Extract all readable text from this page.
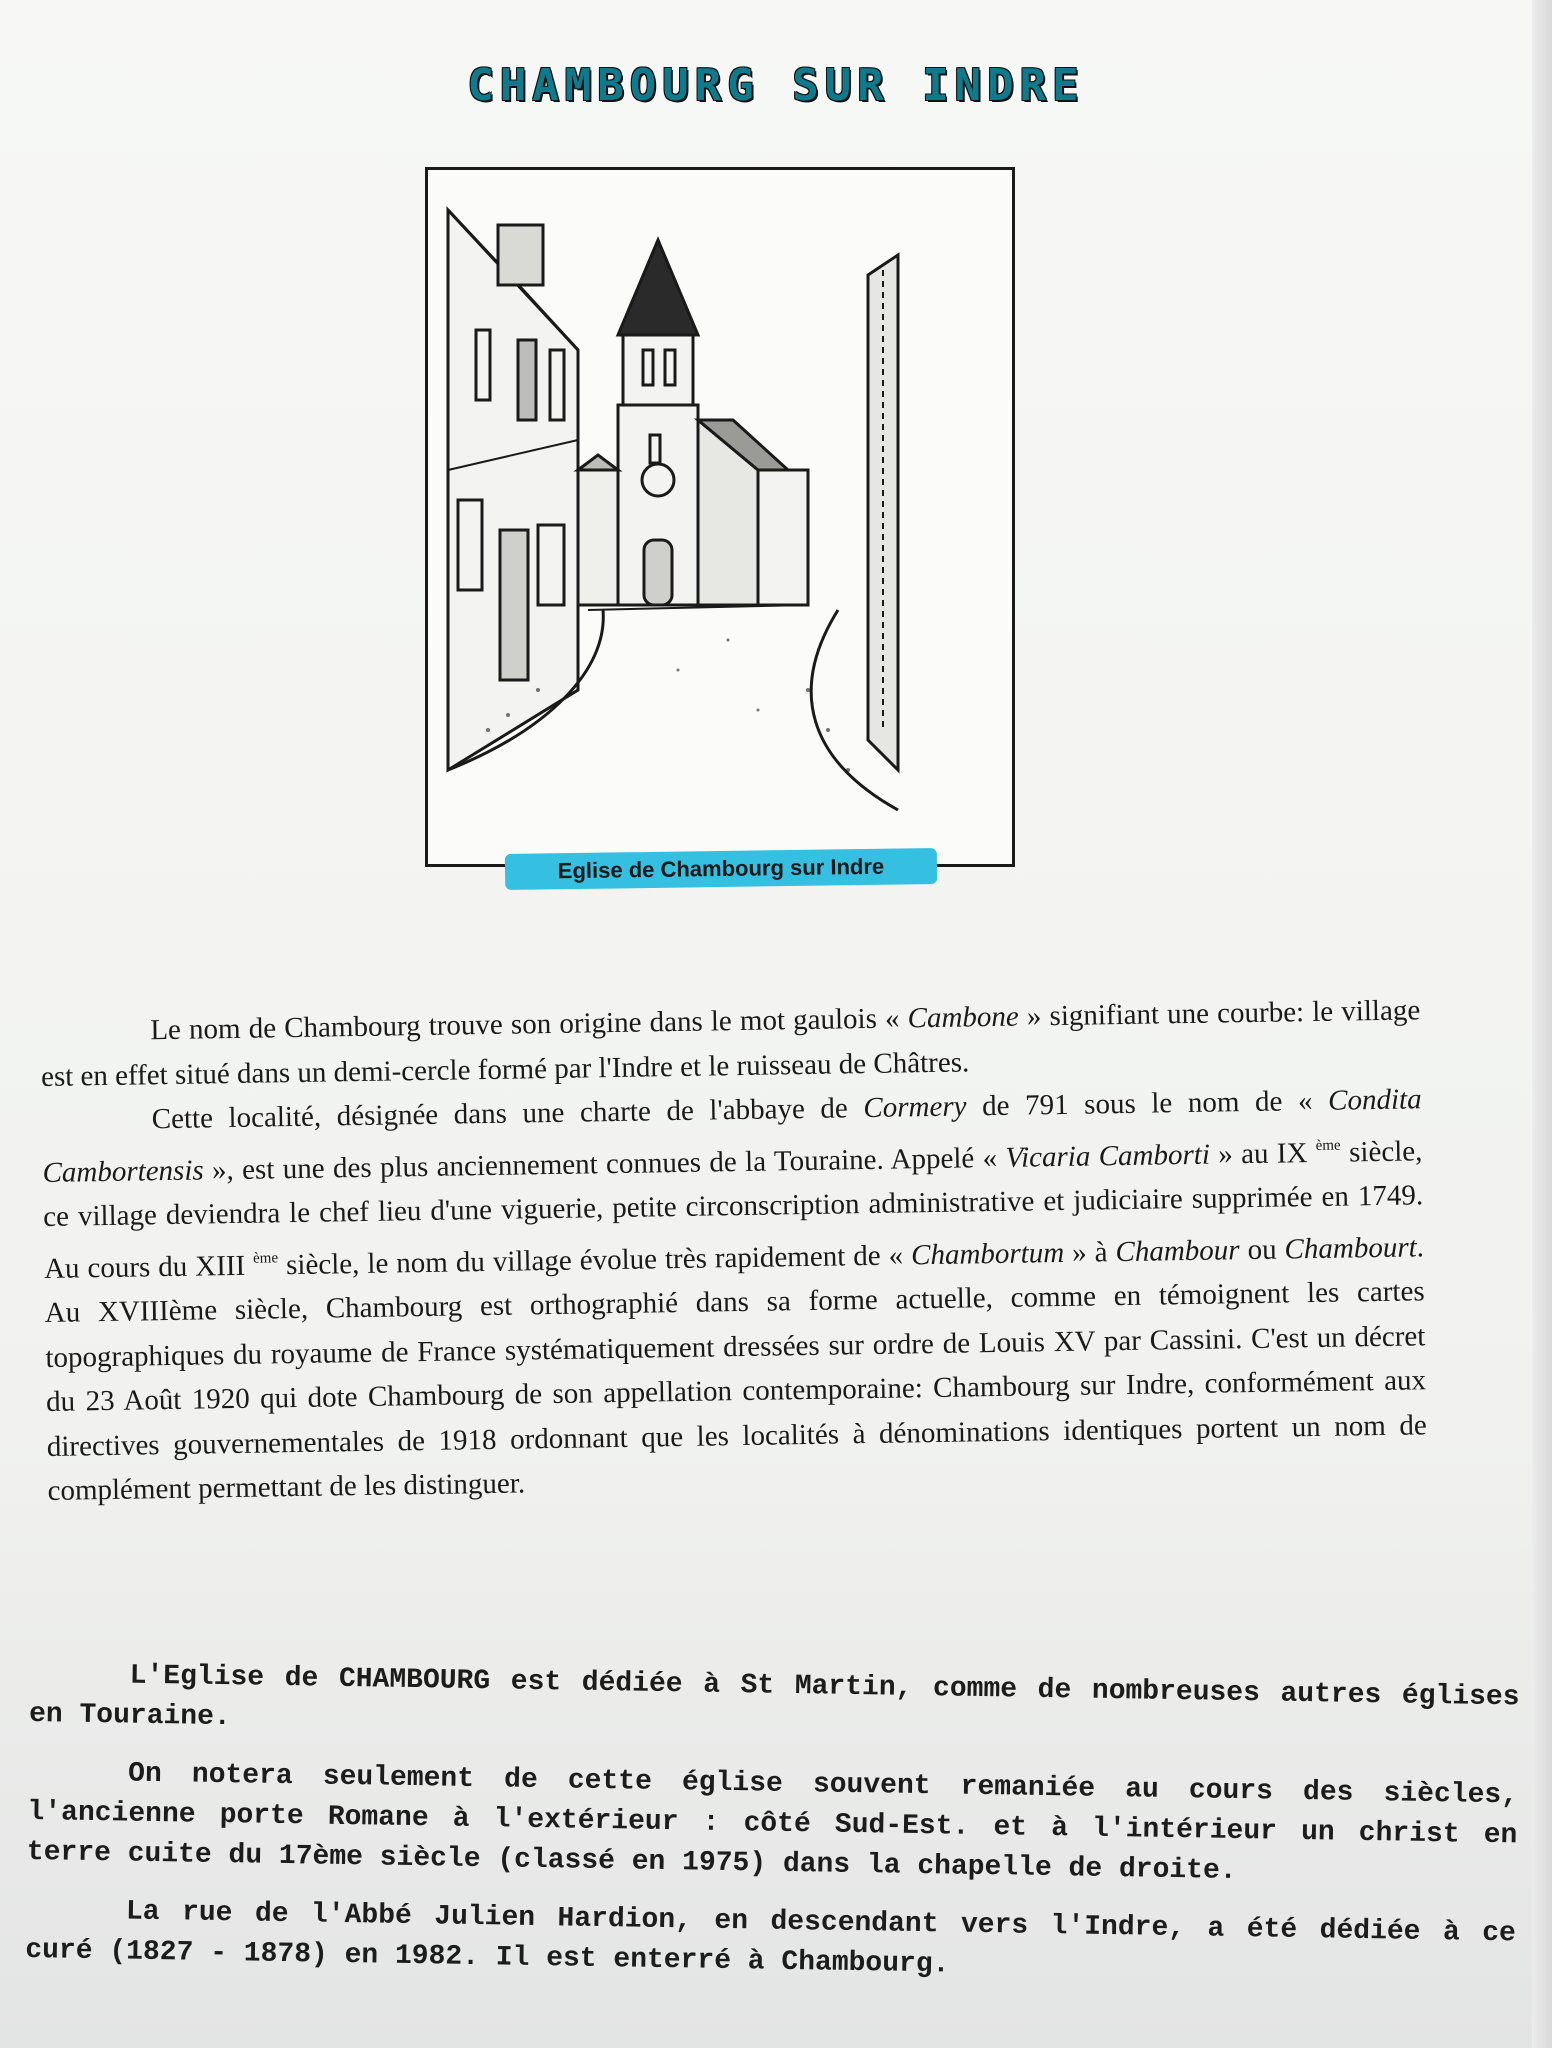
CHAMBOURG SUR INDRE
Eglise de Chambourg sur Indre

Le nom de Chambourg trouve son origine dans le mot gaulois « Cambone » signifiant une courbe: le village est en effet situé dans un demi-cercle formé par l'Indre et le ruisseau de Châtres.

Cette localité, désignée dans une charte de l'abbaye de Cormery de 791 sous le nom de « Condita Cambortensis », est une des plus anciennement connues de la Touraine. Appelé « Vicaria Camborti » au IX $^{ème}$ siècle, ce village deviendra le chef lieu d'une viguerie, petite circonscription administrative et judiciaire supprimée en 1749. Au cours du XIII $^{ème}$ siècle, le nom du village évolue très rapidement de « Chambortum » à Chambour ou Chambourt. Au XVIIIème siècle, Chambourg est orthographié dans sa forme actuelle, comme en témoignent les cartes topographiques du royaume de France systématiquement dressées sur ordre de Louis XV par Cassini. C'est un décret du 23 Août 1920 qui dote Chambourg de son appellation contemporaine: Chambourg sur Indre, conformément aux directives gouvernementales de 1918 ordonnant que les localités à dénominations identiques portent un nom de complément permettant de les distinguer.

L'Eglise de CHAMBOURG est dédiée à St Martin, comme de nombreuses autres églises en Touraine.

On notera seulement de cette église souvent remaniée au cours des siècles, l'ancienne porte Romane à l'extérieur : côté Sud-Est. et à l'intérieur un christ en terre cuite du 17ème siècle (classé en 1975) dans la chapelle de droite.

La rue de l'Abbé Julien Hardion, en descendant vers l'Indre, a été dédiée à ce curé (1827 - 1878) en 1982. Il est enterré à Chambourg.
